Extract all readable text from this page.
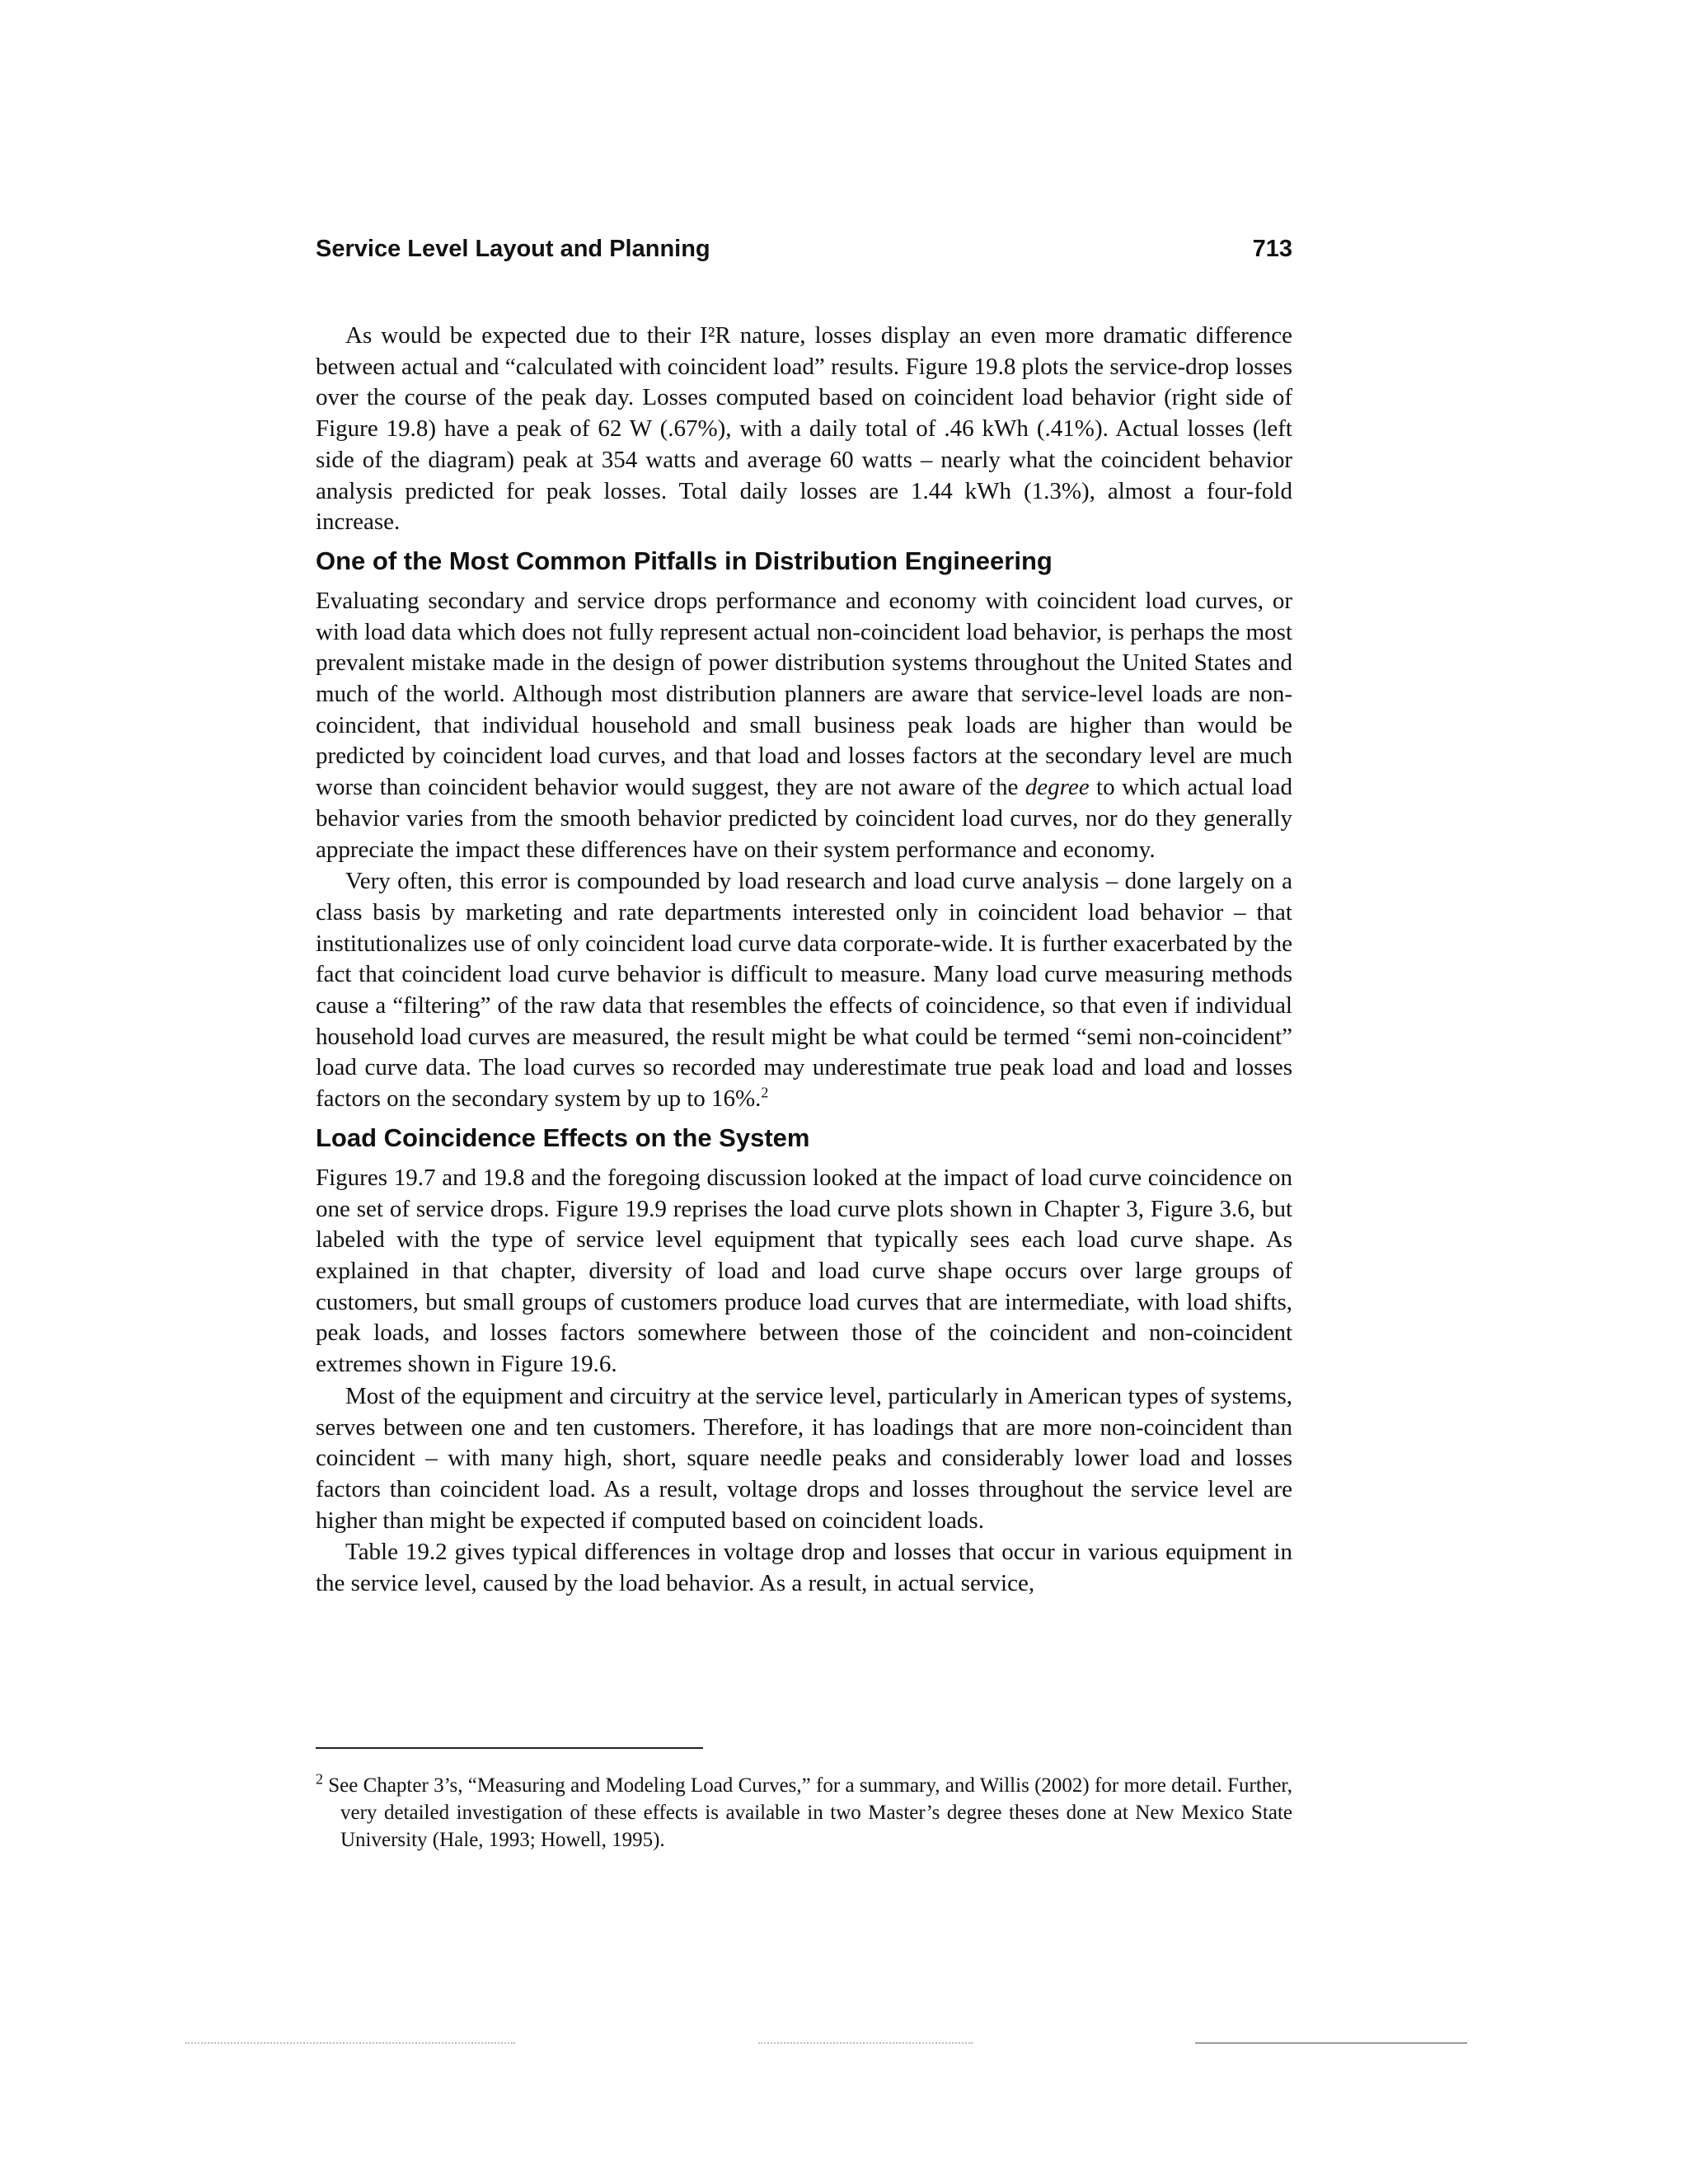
Service Level Layout and Planning	713

As would be expected due to their I²R nature, losses display an even more dramatic difference between actual and “calculated with coincident load” results. Figure 19.8 plots the service-drop losses over the course of the peak day. Losses computed based on coincident load behavior (right side of Figure 19.8) have a peak of 62 W (.67%), with a daily total of .46 kWh (.41%). Actual losses (left side of the diagram) peak at 354 watts and average 60 watts – nearly what the coincident behavior analysis predicted for peak losses. Total daily losses are 1.44 kWh (1.3%), almost a four-fold increase.

One of the Most Common Pitfalls in Distribution Engineering

Evaluating secondary and service drops performance and economy with coincident load curves, or with load data which does not fully represent actual non-coincident load behavior, is perhaps the most prevalent mistake made in the design of power distribution systems throughout the United States and much of the world. Although most distribution planners are aware that service-level loads are non-coincident, that individual household and small business peak loads are higher than would be predicted by coincident load curves, and that load and losses factors at the secondary level are much worse than coincident behavior would suggest, they are not aware of the degree to which actual load behavior varies from the smooth behavior predicted by coincident load curves, nor do they generally appreciate the impact these differences have on their system performance and economy.

Very often, this error is compounded by load research and load curve analysis – done largely on a class basis by marketing and rate departments interested only in coincident load behavior – that institutionalizes use of only coincident load curve data corporate-wide. It is further exacerbated by the fact that coincident load curve behavior is difficult to measure. Many load curve measuring methods cause a “filtering” of the raw data that resembles the effects of coincidence, so that even if individual household load curves are measured, the result might be what could be termed “semi non-coincident” load curve data. The load curves so recorded may underestimate true peak load and load and losses factors on the secondary system by up to 16%.$^2$

Load Coincidence Effects on the System

Figures 19.7 and 19.8 and the foregoing discussion looked at the impact of load curve coincidence on one set of service drops. Figure 19.9 reprises the load curve plots shown in Chapter 3, Figure 3.6, but labeled with the type of service level equipment that typically sees each load curve shape. As explained in that chapter, diversity of load and load curve shape occurs over large groups of customers, but small groups of customers produce load curves that are intermediate, with load shifts, peak loads, and losses factors somewhere between those of the coincident and non-coincident extremes shown in Figure 19.6.

Most of the equipment and circuitry at the service level, particularly in American types of systems, serves between one and ten customers. Therefore, it has loadings that are more non-coincident than coincident – with many high, short, square needle peaks and considerably lower load and losses factors than coincident load. As a result, voltage drops and losses throughout the service level are higher than might be expected if computed based on coincident loads.

Table 19.2 gives typical differences in voltage drop and losses that occur in various equipment in the service level, caused by the load behavior. As a result, in actual service,

$^2$ See Chapter 3’s, “Measuring and Modeling Load Curves,” for a summary, and Willis (2002) for more detail. Further, very detailed investigation of these effects is available in two Master’s degree theses done at New Mexico State University (Hale, 1993; Howell, 1995).
